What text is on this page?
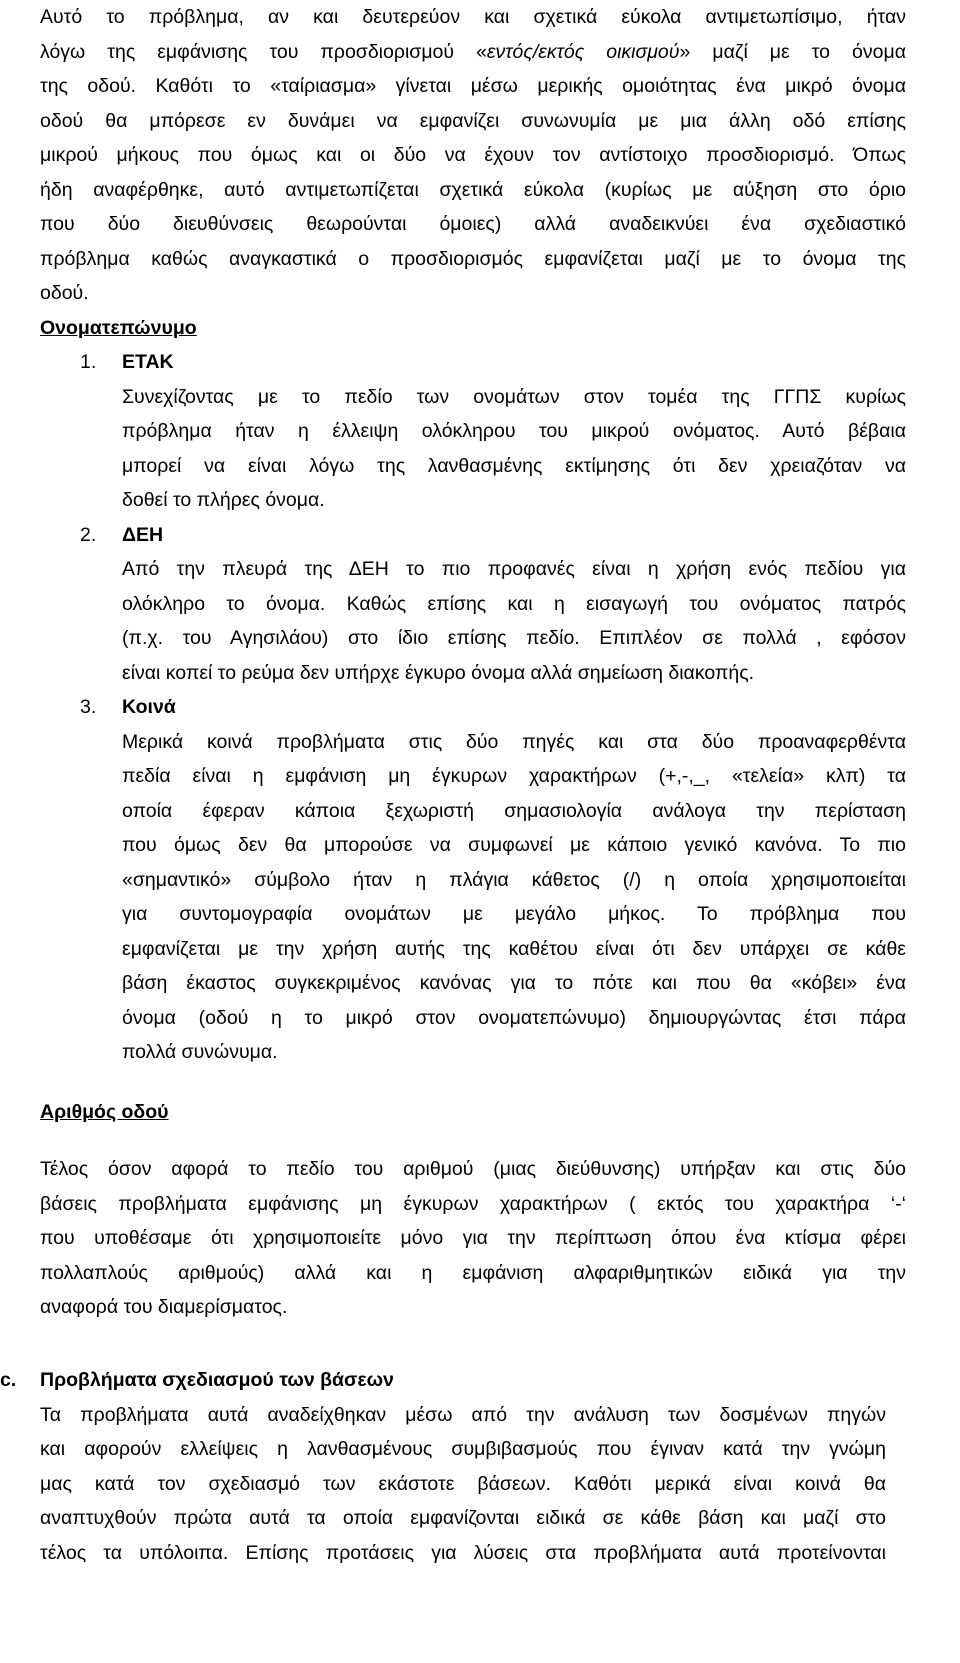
Αυτό το πρόβλημα, αν και δευτερεύον και σχετικά εύκολα αντιμετωπίσιμο, ήταν
λόγω της εμφάνισης του προσδιορισμού «εντός/εκτός οικισμού» μαζί με το όνομα
της οδού. Καθότι το «ταίριασμα» γίνεται μέσω μερικής ομοιότητας ένα μικρό όνομα
οδού θα μπόρεσε εν δυνάμει να εμφανίζει συνωνυμία με μια άλλη οδό επίσης
μικρού μήκους που όμως και οι δύο να έχουν τον αντίστοιχο προσδιορισμό. Όπως
ήδη αναφέρθηκε, αυτό αντιμετωπίζεται σχετικά εύκολα (κυρίως με αύξηση στο όριο
που δύο διευθύνσεις θεωρούνται όμοιες) αλλά αναδεικνύει ένα σχεδιαστικό
πρόβλημα καθώς αναγκαστικά ο προσδιορισμός εμφανίζεται μαζί με το όνομα της
οδού.
Ονοματεπώνυμο
1. ΕΤΑΚ
Συνεχίζοντας με το πεδίο των ονομάτων στον τομέα της ΓΓΠΣ κυρίως
πρόβλημα ήταν η έλλειψη ολόκληρου του μικρού ονόματος. Αυτό βέβαια
μπορεί να είναι λόγω της λανθασμένης εκτίμησης ότι δεν χρειαζόταν να
δοθεί το πλήρες όνομα.
2. ΔΕΗ
Από την πλευρά της ΔΕΗ το πιο προφανές είναι η χρήση ενός πεδίου για
ολόκληρο το όνομα. Καθώς επίσης και η εισαγωγή του ονόματος πατρός
(π.χ. του Αγησιλάου) στο ίδιο επίσης πεδίο. Επιπλέον σε πολλά , εφόσον
είναι κοπεί το ρεύμα δεν υπήρχε έγκυρο όνομα αλλά σημείωση διακοπής.
3. Κοινά
Μερικά κοινά προβλήματα στις δύο πηγές και στα δύο προαναφερθέντα
πεδία είναι η εμφάνιση μη έγκυρων χαρακτήρων (+,-,_, «τελεία» κλπ) τα
οποία έφεραν κάποια ξεχωριστή σημασιολογία ανάλογα την περίσταση
που όμως δεν θα μπορούσε να συμφωνεί με κάποιο γενικό κανόνα. Το πιο
«σημαντικό» σύμβολο ήταν η πλάγια κάθετος (/) η οποία χρησιμοποιείται
για συντομογραφία ονομάτων με μεγάλο μήκος. Το πρόβλημα που
εμφανίζεται με την χρήση αυτής της καθέτου είναι ότι δεν υπάρχει σε κάθε
βάση έκαστος συγκεκριμένος κανόνας για το πότε και που θα «κόβει» ένα
όνομα (οδού η το μικρό στον ονοματεπώνυμο) δημιουργώντας έτσι πάρα
πολλά συνώνυμα.
Αριθμός οδού
Τέλος όσον αφορά το πεδίο του αριθμού (μιας διεύθυνσης) υπήρξαν και στις δύο
βάσεις προβλήματα εμφάνισης μη έγκυρων χαρακτήρων ( εκτός του χαρακτήρα ‘-‘
που υποθέσαμε ότι χρησιμοποιείτε μόνο για την περίπτωση όπου ένα κτίσμα φέρει
πολλαπλούς αριθμούς) αλλά και η εμφάνιση αλφαριθμητικών ειδικά για την
αναφορά του διαμερίσματος.
c. Προβλήματα σχεδιασμού των βάσεων
Τα προβλήματα αυτά αναδείχθηκαν μέσω από την ανάλυση των δοσμένων πηγών
και αφορούν ελλείψεις η λανθασμένους συμβιβασμούς που έγιναν κατά την γνώμη
μας κατά τον σχεδιασμό των εκάστοτε βάσεων. Καθότι μερικά είναι κοινά θα
αναπτυχθούν πρώτα αυτά τα οποία εμφανίζονται ειδικά σε κάθε βάση και μαζί στο
τέλος τα υπόλοιπα. Επίσης προτάσεις για λύσεις στα προβλήματα αυτά προτείνονται
